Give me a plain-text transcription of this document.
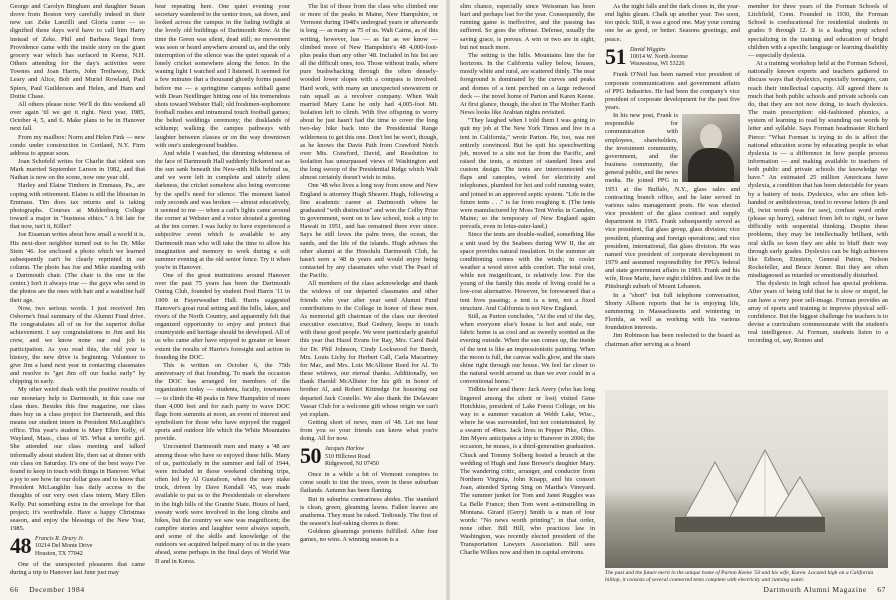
George and Carolyn Bingham and daughter Susan drove from Boston very carefully indeed in their new car. Zeke Lanzilli and Gloria came — so dignified these days we'd have to call him Harry instead of Zeke. Phil and Barbara Segal from Providence came with the inside story on the giant grocery war which has surfaced in Keene, N.H. Others attending for the day's activities were Townes and Joan Harris, John Treihaway, Dick Leary and Alice, Bob and Muriel Rowland, Paul Spiers, Paul Guilderson and Helen, and Ham and Dottie Chase.

All others please note: We'll do this weekend all over again 'til we get it right. Next year, 1985, October 4, 5, and 6. Make plans to be in Hanover next fall.

From my mailbox: Norm and Helen Fink — new condo under construction in Cortland, N.Y. Firm address to appear soon.

Joan Schofeld writes for Charlie that oldest son Mark married September Larson in 1982, and that Nathan is now on the scene, now one year old.

Harley and Elaine Timbers in Emmaus, Pa., are coping with retirement. Elaine is still the librarian in Emmaus. Tim does tax returns and is taking photographs. Courses at Muhlenburg College toward a major in "business ethics." A bit late for that now, isn't it, Killer?

Joe Eisaman writes about how small a world it is. His next-door neighbor turned out to be Dr. Mike Stein '46. Joe enclosed a photo which we learned subsequently can't be clearly reprinted in our column. The photo has Joe and Mike standing with a Dartmouth chair. (The chair is the one in the center.) Isn't it always true — the guys who send in the photos are the ones with hair and a waistline half their age.

Now, two serious words. I just received Jim Osborne's final summary of the Alumni Fund drive. He congratulates all of us for the superior dollar achievement. I say congratulations to Jim and his crew, and we know none our real job is participation. As you read this, the old year is history, the new drive is beginning. Volunteer to give Jim a hand next year in contacting classmates and resolve to "get Jim off our backs early" by chipping in early.

My other weird deals with the positive results of our monetary help to Dartmouth, in this case our class dues. Besides this fine magazine, our class dues buy us a class project for Dartmouth, and this means our student intern in President McLaughlin's office. This year's student is Mary Ellen Kelly, of Wayland, Mass., class of '85. What a terrific girl. She attended our class meeting and talked informally about student life, then sat at dinner with our class on Saturday. It's one of the best ways I've found to keep in touch with things in Hanover. What a joy to see how far our dollar goes and to know that President McLaughlin has daily access to the thoughts of our very own class intern, Mary Ellen Kelly. Put something extra in the envelope for that project; it's worthwhile. Have a happy Christmas season, and enjoy the blessings of the New Year, 1985.

48 Francis R. Drury Jr.
10214 Del Monte Drive
Houston, TX 77042

One of the unexpected pleasures that came during a trip to Hanover last June just may

bear repeating here. One quiet evening your secretary wandered to the senior trees, sat down, and looked across the campus in the fading twilight at the lovely old buildings of Dartmouth Row. At the time the Green was silent, dead still; no movement was seen or heard anywhere around us, and the only interruption of the silence was the quiet squeak of a lonely cricket somewhere along the fence. In the waning light I watched and I listened. It seemed for a few minutes that a thousand ghostly forms passed before me — a springtime campus softball game with Dean Neidlinger hitting one of his tremendous shots toward Webster Hall; old freshmen-sophomore football rushes and intramural touch football games; the belted weddings ceremony; the dusklands of schlump; walking the campus pathways with laughter between classes or on the way downtown with one's underground buddies.

And while I watched, the dimming whiteness of the face of Dartmouth Hall suddenly flickered out as the sun sank beneath the New-nith hills behind us, and we were left in complete and utterly silent darkness, the cricket somehow also being overcome by the spell's need for silence. The moment lasted only seconds and was broken — almost educatively, it seemed to me — when a carl's lights came around the corner at Webster and a voice shouted a greeting at the inn corner. I was lucky to have experienced a subjective event which is available to any Dartmouth man who will take the time to allow his imagination and memory to work during a soft summer evening at the old senior fence. Try it when you're in Hanover.

One of the great institutions around Hanover over the past 75 years has been the Dartmouth Outing Club, founded by student Fred Harris '11 in 1909 in Fayerweather Hall. Harris suggested Hanover's great rural setting and the hills, lakes, and rivers of the North Country, and apparently felt that organized opportunity to enjoy and protect that countryside and heritage should be developed. All of us who came after have enjoyed to greater or lesser extent the results of Harris's foresight and action in founding the DOC.

This is written on October 6, the 75th anniversary of that founding. To mark the occasion the DOC has arranged for members of the organization today — students, faculty, townsmen — to climb the 48 peaks in New Hampshire of more than 4,000 feet and for each party to wave DOC flags from summits at noon, an event of interest and symbolism for those who have enjoyed the rugged sports and outdoor life which the White Mountains provide.

Uncounted Dartmouth men and many a '48 are among those who have so enjoyed these hills. Many of us, particularly in the summer and fall of 1944, were included in those weekend climbing trips, often led by Al Gustafson, when the navy stake truck, driven by Dave Kendall '45, was made available to put us to the Presidentials or elsewhere in the high hills of the Granite State. Hours of hard, sweaty work were involved in the long climbs and hikes, but the country we saw was magnificent; the campfire stories and laughter were always superb, and some of the skills and knowledge of the outdoors we acquired helped many of us in the years ahead, some perhaps in the final days of World War II and in Korea.

The list of those from the class who climbed one or more of the peaks in Maine, New Hampshire, or Vermont during 1948's undergrad years or afterwards is long — as many as 75 of us. Walt Cairns, as of this writing, however, has — as far as we know — climbed more of New Hampshire's 48 4,000-foot-plus peaks than any other '48. Included in his list are all the difficult ones, too. Those without trails, where pure bushwhacking through the often densely-wooded lower slopes with a compass is involved. Hard work, with many an unexpected snowstorm or rain squall as a revolver company. When Walt married Mary Lane he only had 4,005-foot Mt. Isolation left to climb. With five offspring to worry about he just hasn't had the time to cover the long two-day hike back into the Presidential Range wilderness to get this one. Don't bet he won't, though, as he knows the Davis Path from Crawford Notch over Mts. Crawford, David, and Resolution to Isolation has unsurpassed views of Washington and the long swoop of the Presidential Ridge which Walt almost certainly doesn't wish to miss.

One '48 who lives a long way from snow and New England is attorney Hugh Shearer. Hugh, following a fine academic career at Dartmouth where he graduated "with distinction" and won the Colby Prize in government, went on to law school, took a trip to Hawaii in 1951, and has remained there ever since. Says he still loves the palm trees, the ocean, the sands, and the life of the islands. Hugh advises the other alumni at the Honolulu Dartmouth Club, he hasn't seen a '48 in years and would enjoy being contacted by any classmates who visit The Pearl of the Pacific.

All members of the class acknowledge and thank the widows of our departed classmates and other friends who year after year send Alumni Fund contributions to the College in honor of these men. As memorial gift chairman of the class our devoted executive executive, Bud Gednoy, keeps in touch with these good people. We were particularly grateful this year that Hazel Evans for Ray, Mrs. Carol Bald for Dr. Phil Johnson, Cindy Lockwood for Beech, Mrs. Louis Lichy for Herbert Call, Carla Macartney for Mac, and Mrs. Lois McAllister Reed for Al. To these widows, our eternal thanks. Additionally, we thank Harold McAllister for his gift in honor of brother Al, and Robert Kittredge for honoring our departed Jack Costello. We also thank the Delaware Vassar Club for a welcome gift whose origin we can't yet explain.

Getting short of news, men of '48. Let me hear from you so your friends can know what you're doing. All for now.

50 Jacques Harlow
510 Hillcrest Road
Ridgewood, NJ 07450

Once in a while a bit of Vermont conspires to come south to tint the trees, even in these suburban flatlands. Autumn has been flaming.

But in suburbia contrariness abides. The standard is clean, green, gleaming lawns. Fallen leaves are anathema. They must be raked. Tediously. The first of the season's leaf-raking chores is done.

Goldenn gleamings portents fulfilled. After four games, no wins. A winning season is a

66 December 1984

slim chance, especially since Weissman has been hurt and perhaps lost for the year. Consequently, the running game is ineffective, and the passing has suffered. So goes the offense. Defense, usually the saving grace, is porous. A win or two are in sight, but not much more.

The setting is the hills. Mountains line the far horizons. In the California valley below, houses, mostly white and rural, are scattered thinly. The near foreground is dominated by the curves and peaks and domes of a tent perched on a large redwood deck — the novel home of Parton and Karen Keene. At first glance, though, the shot in The Mother Earth News looks like Arabian nights revisited.

"They laughed when I told them I was going to quit my job at The New York Times and live in a tent in California," wrote Parton. He, too, was not entirely convinced. But he quit his speechwriting job, moved to a site not far from the Pacific, and raised the tents, a mixture of standard lines and custom design. The tents are interconnected via flaps and canopies, wired for electricity and telephones, plumbed for hot and cold running water, and joined to an approved septic system. "Life in the future tents . . ." is far from roughing it. (The tents were manufactured by Moss Tent Works in Camden, Maine; so the temporary of New England again prevails, even in lotus-eater-land.)

Since the tents are double-walled, something like a unit used by the Seabees during WW II, the air space provides natural insulation. In the summer air conditioning comes with the winds; in cooler weather a wood stove adds comfort. The total cost, while not insignificant, is relatively low. For the young of the family this mode of living could be a low-cost alternative. However, be forewarned that a tent lives passing; a tent is a tent, not a fixed structure. And California is not New England.

Still, as Parton concludes, "At the end of the day, when everyone else's house is hot and stale, our fabric home is as cool and as sweetly scented as the evening outside. When the sun comes up, the inside of the tent is like an impressionistic painting. When the moon is full, the canvas walls glow, and the stars shine right through our house. We feel far closer to the natural world around us than we ever could in a conventional home."

Tidbits here and there: Jack Avery (who has long lingered among the silent or lost) visited Gene Hotchkiss, president of Lake Forest College, on his way to a summer vacation at Webb Lake, Wisc., where he was surrounded, but not contaminated, by a swarm of 49ers. Jack lives in Pepper Pike, Ohio. Jim Myers anticipates a trip to Hanover in 2006; the occasion, he muses, is a third-generation graduation. Chuck and Tommy Solberg hosted a brunch at the wedding of Hugh and Jane Brewer's daughter Mary. The wandering critic, arranger, and conductor from Northern Virginia, John Knapp, and his consort Joan, attended Spring Sing on Martha's Vineyard. The summer junket for Tom and Janet Ruggles was La Belle France; then Tom went a-minstrelling in Montana. Girard (Gerry) Smith is a man of four words: "No news worth printing"; in that order, none other. Bill Hill, who practices law in Washington, was recently elected president of the Transportation Lawyers Association. Bill sees Charlie Wilkes now and then in capital environs.

As the night falls and the dark closes in, the year-end lights gleam. Chalk up another year. Too soon, too quick. Still, it was a good one. May your coming one be as good, or better. Seasons greetings, and peace.

51 David Wiggins
10014 W. North Avenue
Wauwatosa, WI 53226

Frank O'Neil has been named vice president of corporate communications and government affairs of PPG Industries. He had been the company's vice president of corporate development for the past five years.

In his new post, Frank is responsible for communication with employees, shareholders, the investment community, government, and the business community, the general public, and the news media. He joined PPG in 1951 at the Buffalo, N.Y., glass sales and contracting branch office, and he later served in various sales management posts. He was elected vice president of the glass contract and supply department in 1965. Frank subsequently served as vice president, flat glass group, glass division; vice president, planning and foreign operations; and vice president, international, flat glass division. He was named vice president of corporate development in 1979 and assumed responsibility for PPG's federal and state government affairs in 1983. Frank and his wife, Rose Marie, have eight children and live in the Pittsburgh suburb of Mount Lebanon.

In a "short" but full telephone conversation, Shorty Allison reports that he is enjoying life, summering in Massachusetts and wintering in Florida, as well as working with his various foundation interests.

Jim Robinson has been reelected to the board as chairman after serving as a board

member for three years of the Forman Schools of Litchfield, Conn. Founded in 1930, the Forman School is coeducational for residential students in grades 9 through 12. It is a leading prep school specializing in the training and education of bright children with a specific language or learning disability — especially dyslexia.

At a training workshop held at the Forman School, nationally known experts and teachers gathered to discuss ways that dyslexics, especially teenagers, can reach their intellectual capacity. All agreed there is much that both public schools and private schools can do, that they are not now doing, to teach dyslexics. The main prescription: old-fashioned phonics, a system of learning to read by sounding out words by letter and syllable. Says Forman headmaster Richard Pierce: "What Forman is trying to do is affect the national education scene by educating people to what dyslexia is — a difference in how people process information — and making available to teachers of both public and private schools the knowledge we have." An estimated 25 million Americans have dyslexia, a condition that has been detectable for years by a battery of tests. Dyslexics, who are often left-handed or ambidextrous, tend to reverse letters (b and d), twist words (was for saw), confuse word order (please up hurry), subtract from left to right, or have difficulty with sequential thinking. Despite these problems, they may be intellectually brilliant, with oral skills so keen they are able to bluff their way through early grades. Dyslexics can be high achievers like Edison, Einstein, General Patton, Nelson Rockefeller, and Bruce Jenner. But they are often misdiagnosed as retarded or emotionally disturbed.

The dyslexic in high school has special problems. After years of being told that he is slow or stupid, he can have a very poor self-image. Forman provides an array of sports and training to improve physical self-confidence. But the biggest challenge for teachers is to devise a curriculum commensurate with the student's real intelligence. At Forman, students listen to a recording of, say, Romeo and

The past and the future merit in the unique home of Parton Keene '50 and his wife, Karen. Located high on a California hilltop, it consists of several connected tents complete with electricity and running water.
Dartmouth Alumni Magazine 67
